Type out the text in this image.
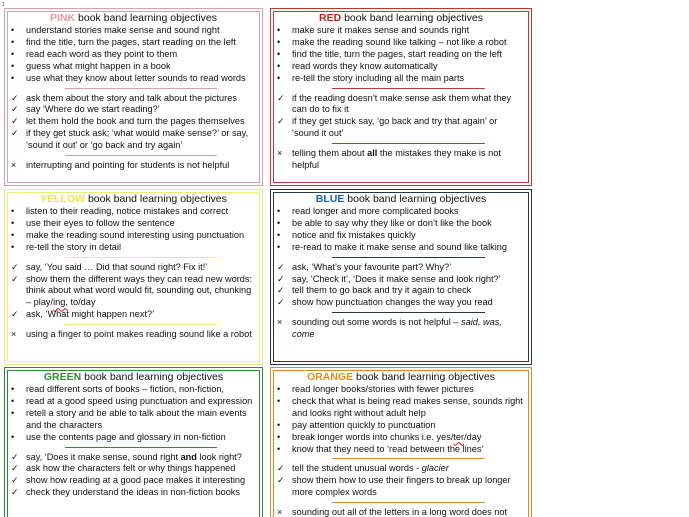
↕
PINK book band learning objectives
•	understand stories make sense and sound right
•	find the title, turn the pages, start reading on the left
•	read each word as they point to them
•	guess what might happen in a book
•	use what they know about letter sounds to read words
✓ ask them about the story and talk about the pictures
✓ say ‘Where do we start reading?’
✓ let them hold the book and turn the pages themselves
✓ if they get stuck ask; ‘what would make sense?’ or say, ‘sound it out’ or ‘go back and try again’
×	interrupting and pointing for students is not helpful
RED book band learning objectives
•	make sure it makes sense and sounds right
•	make the reading sound like talking – not like a robot
•	find the title, turn the pages, start reading on the left
•	read words they know automatically
•	re-tell the story including all the main parts
✓ if the reading doesn’t make sense ask them what they can do to fix it
✓ if they get stuck say, ‘go back and try that again’ or ‘sound it out’
×	telling them about all the mistakes they make is not helpful
YELLOW book band learning objectives
•	listen to their reading, notice mistakes and correct
•	use their eyes to follow the sentence
•	make the reading sound interesting using punctuation
•	re-tell the story in detail
✓ say, ‘You said … Did that sound right? Fix it!’
✓ show them the different ways they can read new words: think about what word would fit, sounding out, chunking – play/ing, to/day
✓ ask, ‘What might happen next?’
×	using a finger to point makes reading sound like a robot
BLUE book band learning objectives
•	read longer and more complicated books
•	be able to say why they like or don’t like the book
•	notice and fix mistakes quickly
•	re-read to make it make sense and sound like talking
✓ ask, ‘What’s your favourite part? Why?’
✓ say, ‘Check it’, ‘Does it make sense and look right?’
✓ tell them to go back and try it again to check
✓ show how punctuation changes the way you read
×	sounding out some words is not helpful – said, was, come
GREEN book band learning objectives
•	read different sorts of books – fiction, non-fiction,
•	read at a good speed using punctuation and expression
•	retell a story and be able to talk about the main events and the characters
•	use the contents page and glossary in non-fiction
✓ say, ‘Does it make sense, sound right and look right?
✓ ask how the characters felt or why things happened
✓ show how reading at a good pace makes it interesting
✓ check they understand the ideas in non-fiction books
ORANGE book band learning objectives
•	read longer books/stories with fewer pictures
•	check that what is being read makes sense, sounds right and looks right without adult help
•	pay attention quickly to punctuation
•	break longer words into chunks i.e. yes/ter/day
•	know that they need to ‘read between the lines’
✓ tell the student unusual words - glacier
✓ show them how to use their fingers to break up longer more complex words
×	sounding out all of the letters in a long word does not
